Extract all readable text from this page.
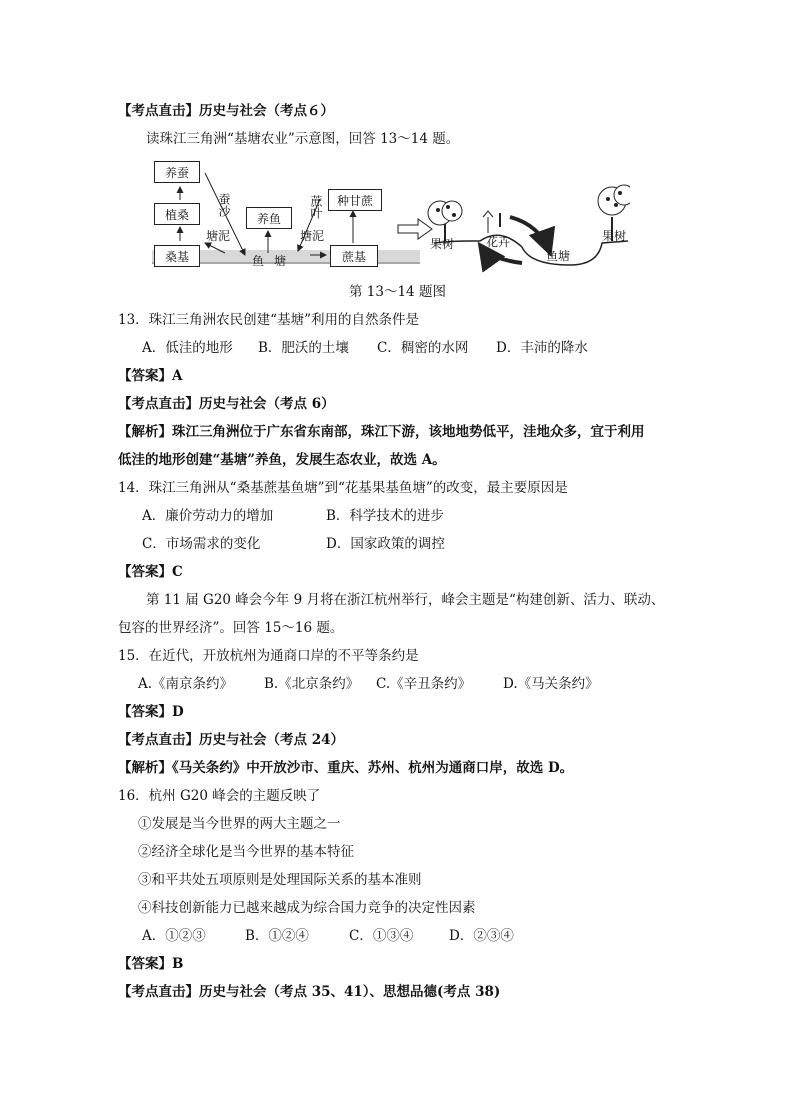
【考点直击】历史与社会（考点６）
读珠江三角洲“基塘农业”示意图，回答 13～14 题。
养蚕
植桑
桑基
养鱼
种甘蔗
蔗基
蚕沙
塘泥
鱼塘
蔗叶
塘泥
果树	花卉
鱼塘
果树
第 13～14 题图
13．珠江三角洲农民创建“基塘”利用的自然条件是
A．低洼的地形 B．肥沃的土壤 C．稠密的水网 D．丰沛的降水
【答案】A
【考点直击】历史与社会（考点 6）
【解析】珠江三角洲位于广东省东南部，珠江下游，该地地势低平，洼地众多，宜于利用
低洼的地形创建“基塘”养鱼，发展生态农业，故选 A。
14．珠江三角洲从“桑基蔗基鱼塘”到“花基果基鱼塘”的改变，最主要原因是
A．廉价劳动力的增加	B．科学技术的进步
C．市场需求的变化	D．国家政策的调控
【答案】C
第 11 届 G20 峰会今年 9 月将在浙江杭州举行，峰会主题是“构建创新、活力、联动、
包容的世界经济”。回答 15～16 题。
15．在近代，开放杭州为通商口岸的不平等条约是
A.《南京条约》 B.《北京条约》 C.《辛丑条约》 D.《马关条约》
【答案】D
【考点直击】历史与社会（考点 24）
【解析】《马关条约》中开放沙市、重庆、苏州、杭州为通商口岸，故选 D。
16．杭州 G20 峰会的主题反映了
①发展是当今世界的两大主题之一
②经济全球化是当今世界的基本特征
③和平共处五项原则是处理国际关系的基本准则
④科技创新能力已越来越成为综合国力竞争的决定性因素
A．①②③	B．①②④	C．①③④	D．②③④
【答案】B
【考点直击】历史与社会（考点 35、41）、思想品德(考点 38)
